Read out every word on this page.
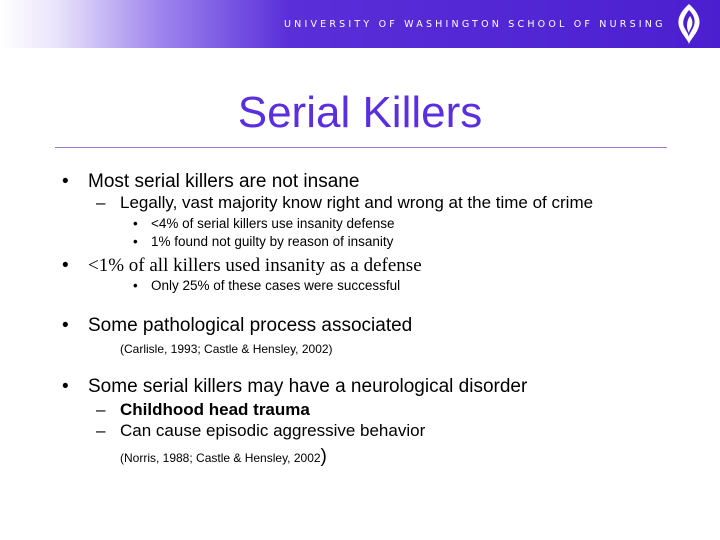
UNIVERSITY OF WASHINGTON SCHOOL OF NURSING
Serial Killers
• Most serial killers are not insane
– Legally, vast majority know right and wrong at the time of crime
• <4% of serial killers use insanity defense
• 1% found not guilty by reason of insanity
• <1% of all killers used insanity as a defense
• Only 25% of these cases were successful
• Some pathological process associated
(Carlisle, 1993; Castle & Hensley, 2002)
• Some serial killers may have a neurological disorder
– Childhood head trauma
– Can cause episodic aggressive behavior
(Norris, 1988; Castle & Hensley, 2002)
